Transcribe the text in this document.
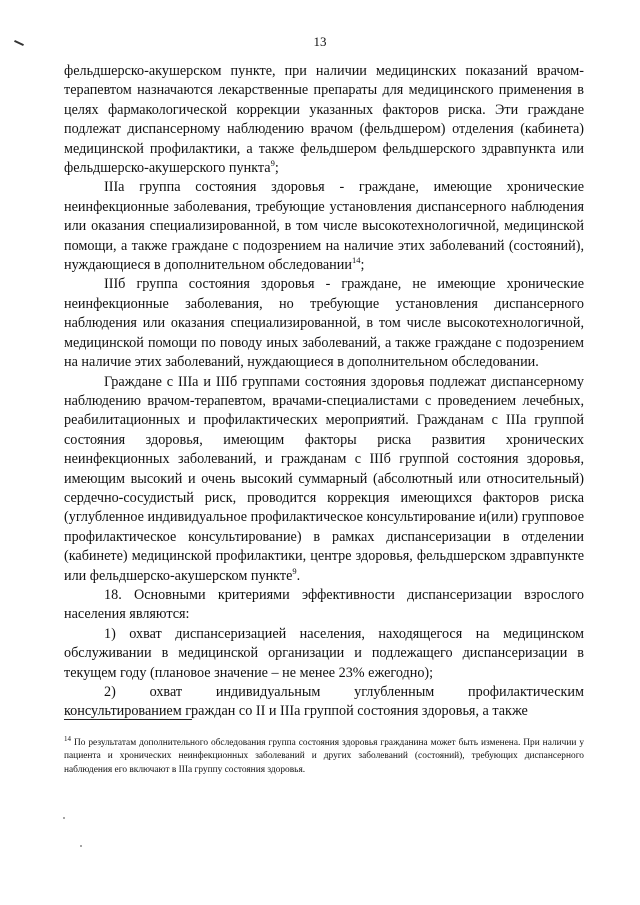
13

фельдшерско-акушерском пункте, при наличии медицинских показаний врачом-терапевтом назначаются лекарственные препараты для медицинского применения в целях фармакологической коррекции указанных факторов риска. Эти граждане подлежат диспансерному наблюдению врачом (фельдшером) отделения (кабинета) медицинской профилактики, а также фельдшером фельдшерского здравпункта или фельдшерско-акушерского пункта$^9$;

IIIа группа состояния здоровья - граждане, имеющие хронические неинфекционные заболевания, требующие установления диспансерного наблюдения или оказания специализированной, в том числе высокотехнологичной, медицинской помощи, а также граждане с подозрением на наличие этих заболеваний (состояний), нуждающиеся в дополнительном обследовании$^{14}$;

IIIб группа состояния здоровья - граждане, не имеющие хронические неинфекционные заболевания, но требующие установления диспансерного наблюдения или оказания специализированной, в том числе высокотехнологичной, медицинской помощи по поводу иных заболеваний, а также граждане с подозрением на наличие этих заболеваний, нуждающиеся в дополнительном обследовании.

Граждане с IIIа и IIIб группами состояния здоровья подлежат диспансерному наблюдению врачом-терапевтом, врачами-специалистами с проведением лечебных, реабилитационных и профилактических мероприятий. Гражданам с IIIа группой состояния здоровья, имеющим факторы риска развития хронических неинфекционных заболеваний, и гражданам с IIIб группой состояния здоровья, имеющим высокий и очень высокий суммарный (абсолютный или относительный) сердечно-сосудистый риск, проводится коррекция имеющихся факторов риска (углубленное индивидуальное профилактическое консультирование и(или) групповое профилактическое консультирование) в рамках диспансеризации в отделении (кабинете) медицинской профилактики, центре здоровья, фельдшерском здравпункте или фельдшерско-акушерском пункте$^9$.

18. Основными критериями эффективности диспансеризации взрослого населения являются:

1) охват диспансеризацией населения, находящегося на медицинском обслуживании в медицинской организации и подлежащего диспансеризации в текущем году (плановое значение – не менее 23% ежегодно);

2) охват индивидуальным углубленным профилактическим консультированием граждан со II и IIIа группой состояния здоровья, а также

$^{14}$ По результатам дополнительного обследования группа состояния здоровья гражданина может быть изменена. При наличии у пациента и хронических неинфекционных заболеваний и других заболеваний (состояний), требующих диспансерного наблюдения его включают в IIIа группу состояния здоровья.
